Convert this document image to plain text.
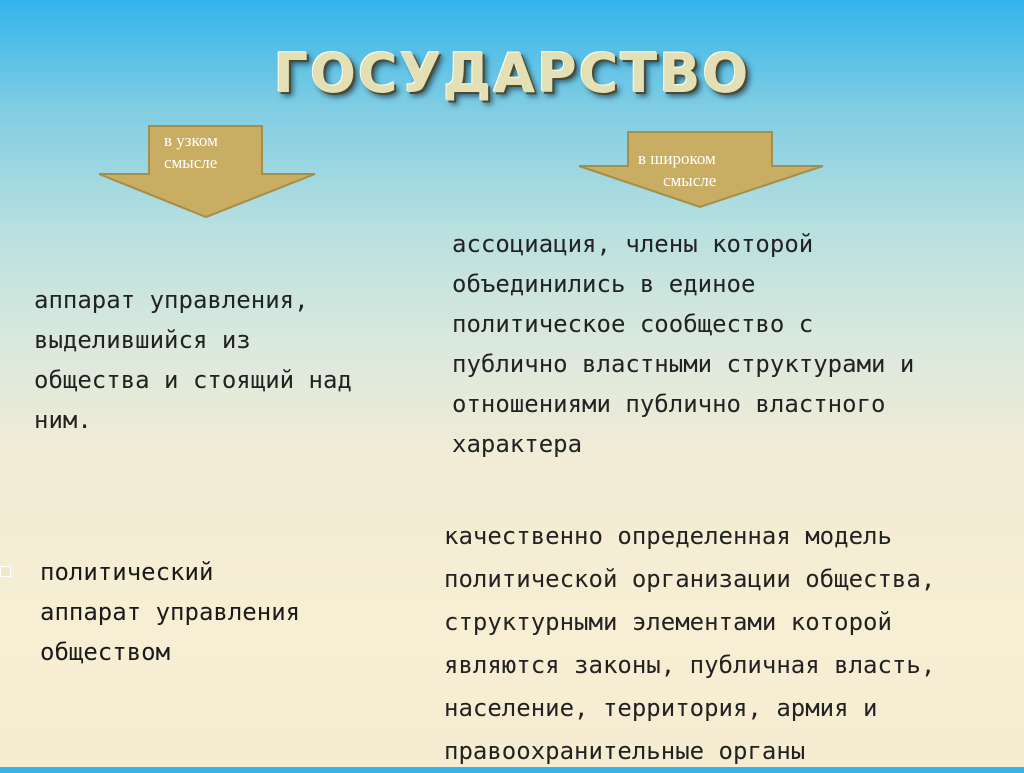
ГОСУДАРСТВО
в узком
смысле	в широком
смысле
аппарат управления,
выделившийся из
общества и стоящий над
ним.
ассоциация, члены которой
объединились в единое
политическое сообщество с
публично властными структурами и
отношениями публично властного
характера
политический
аппарат управления
обществом
качественно определенная модель
политической организации общества,
структурными элементами которой
являются законы, публичная власть,
население, территория, армия и
правоохранительные органы
